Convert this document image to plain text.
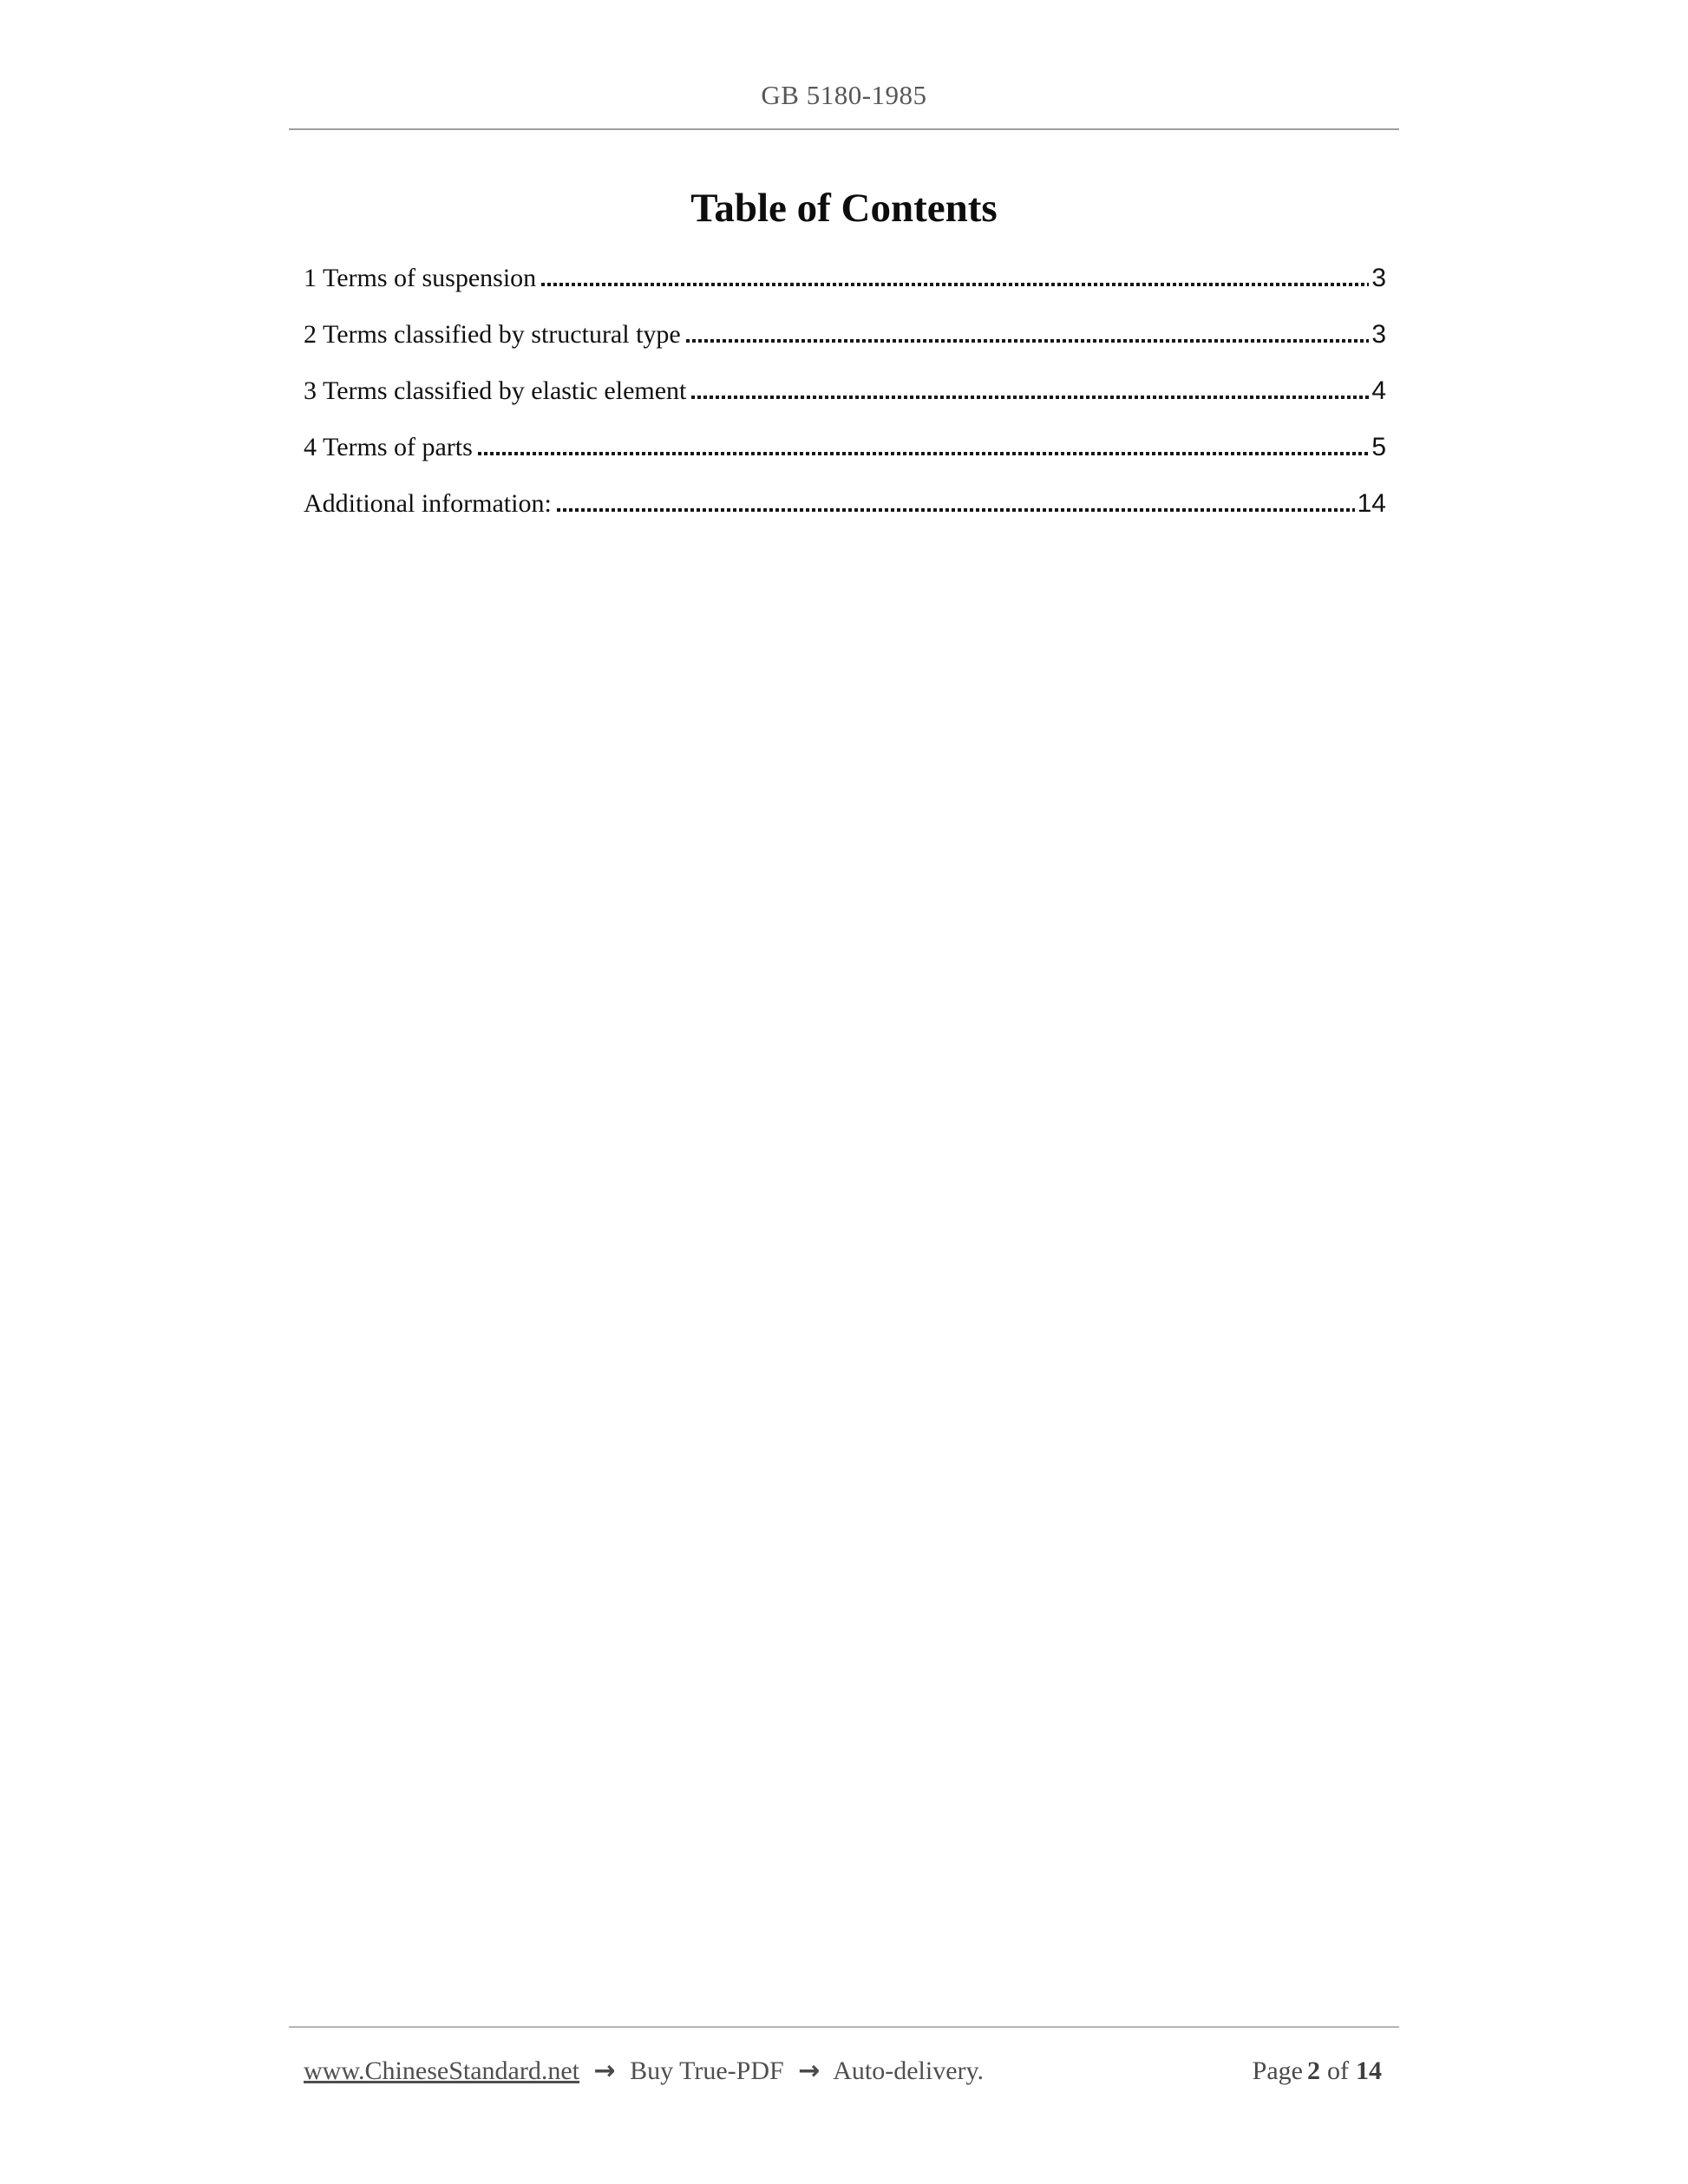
GB 5180-1985
Table of Contents
1 Terms of suspension	3
2 Terms classified by structural type	3
3 Terms classified by elastic element	4
4 Terms of parts	5
Additional information:	14
www.ChineseStandard.net → Buy True-PDF → Auto-delivery.	Page 2 of 14
